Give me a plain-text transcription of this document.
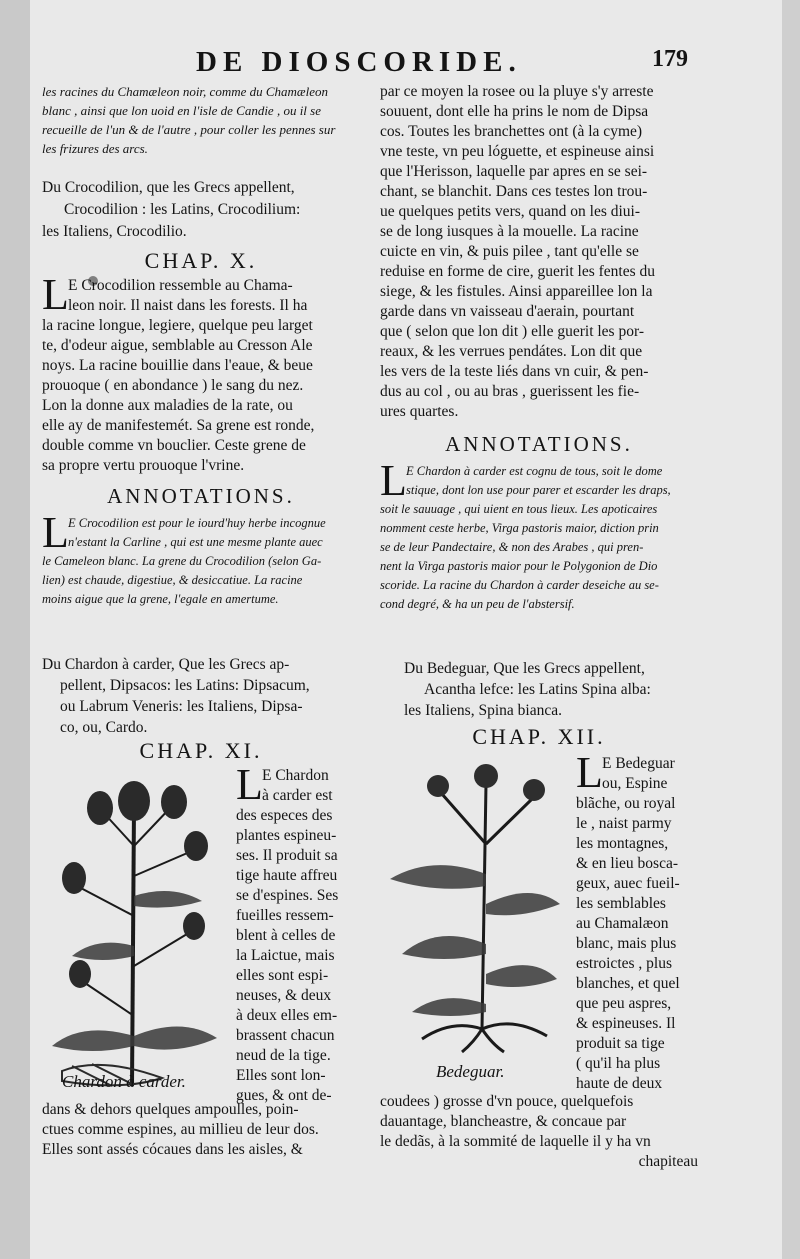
DE DIOSCORIDE.	179
les racines du Chamæleon noir, comme du Chamæleon
blanc , ainsi que lon uoid en l'isle de Candie , ou il se
recueille de l'un & de l'autre , pour coller les pennes sur
les frizures des arcs.
Du Crocodilion, que les Grecs appellent,
Crocodilion : les Latins, Crocodilium:
les Italiens, Crocodilio.
CHAP. X.
L E Crocodilion ressemble au Chama-
leon noir. Il naist dans les forests. Il ha
la racine longue, legiere, quelque peu larget
te, d'odeur aigue, semblable au Cresson Ale
noys. La racine bouillie dans l'eaue, & beue
prouoque ( en abondance ) le sang du nez.
Lon la donne aux maladies de la rate, ou
elle ay de manifestemét. Sa grene est ronde,
double comme vn bouclier. Ceste grene de
sa propre vertu prouoque l'vrine.
ANNOTATIONS.
L E Crocodilion est pour le iourd'huy herbe incognue
n'estant la Carline , qui est une mesme plante auec
le Cameleon blanc. La grene du Crocodilion (selon Ga-
lien) est chaude, digestiue, & desiccatiue. La racine
moins aigue que la grene, l'egale en amertume.
Du Chardon à carder, Que les Grecs ap-
pellent, Dipsacos: les Latins: Dipsacum,
ou Labrum Veneris: les Italiens, Dipsa-
co, ou, Cardo.
CHAP. XI.
L E Chardon
à carder est
des especes des
plantes espineu-
ses. Il produit sa
tige haute affreu
se d'espines. Ses
fueilles ressem-
blent à celles de
la Laictue, mais
elles sont espi-
neuses, & deux
à deux elles em-
brassent chacun
neud de la tige.
Elles sont lon-
gues, & ont de-
Chardon à carder.
dans & dehors quelques ampoulles, poin-
ctues comme espines, au millieu de leur dos.
Elles sont assés cócaues dans les aisles, &
par ce moyen la rosee ou la pluye s'y arreste
souuent, dont elle ha prins le nom de Dipsa
cos. Toutes les branchettes ont (à la cyme)
vne teste, vn peu lóguette, et espineuse ainsi
que l'Herisson, laquelle par apres en se sei-
chant, se blanchit. Dans ces testes lon trou-
ue quelques petits vers, quand on les diui-
se de long iusques à la mouelle. La racine
cuicte en vin, & puis pilee , tant qu'elle se
reduise en forme de cire, guerit les fentes du
siege, & les fistules. Ainsi appareillee lon la
garde dans vn vaisseau d'aerain, pourtant
que ( selon que lon dit ) elle guerit les por-
reaux, & les verrues pendátes. Lon dit que
les vers de la teste liés dans vn cuir, & pen-
dus au col , ou au bras , guerissent les fie-
ures quartes.
ANNOTATIONS.
L E Chardon à carder est cognu de tous, soit le dome
stique, dont lon use pour parer et escarder les draps,
soit le sauuage , qui uient en tous lieux. Les apoticaires
nomment ceste herbe, Virga pastoris maior, diction prin
se de leur Pandectaire, & non des Arabes , qui pren-
nent la Virga pastoris maior pour le Polygonion de Dio
scoride. La racine du Chardon à carder deseiche au se-
cond degré, & ha un peu de l'abstersif.
Du Bedeguar, Que les Grecs appellent,
Acantha lefce: les Latins Spina alba:
les Italiens, Spina bianca.
CHAP. XII.
L E Bedeguar
ou, Espine
blãche, ou royal
le , naist parmy
les montagnes,
& en lieu bosca-
geux, auec fueil-
les semblables
au Chamalæon
blanc, mais plus
estroictes , plus
blanches, et quel
que peu aspres,
& espineuses. Il
produit sa tige
( qu'il ha plus
haute de deux
Bedeguar.
coudees ) grosse d'vn pouce, quelquefois
dauantage, blancheastre, & concaue par
le dedãs, à la sommité de laquelle il y ha vn
chapiteau
